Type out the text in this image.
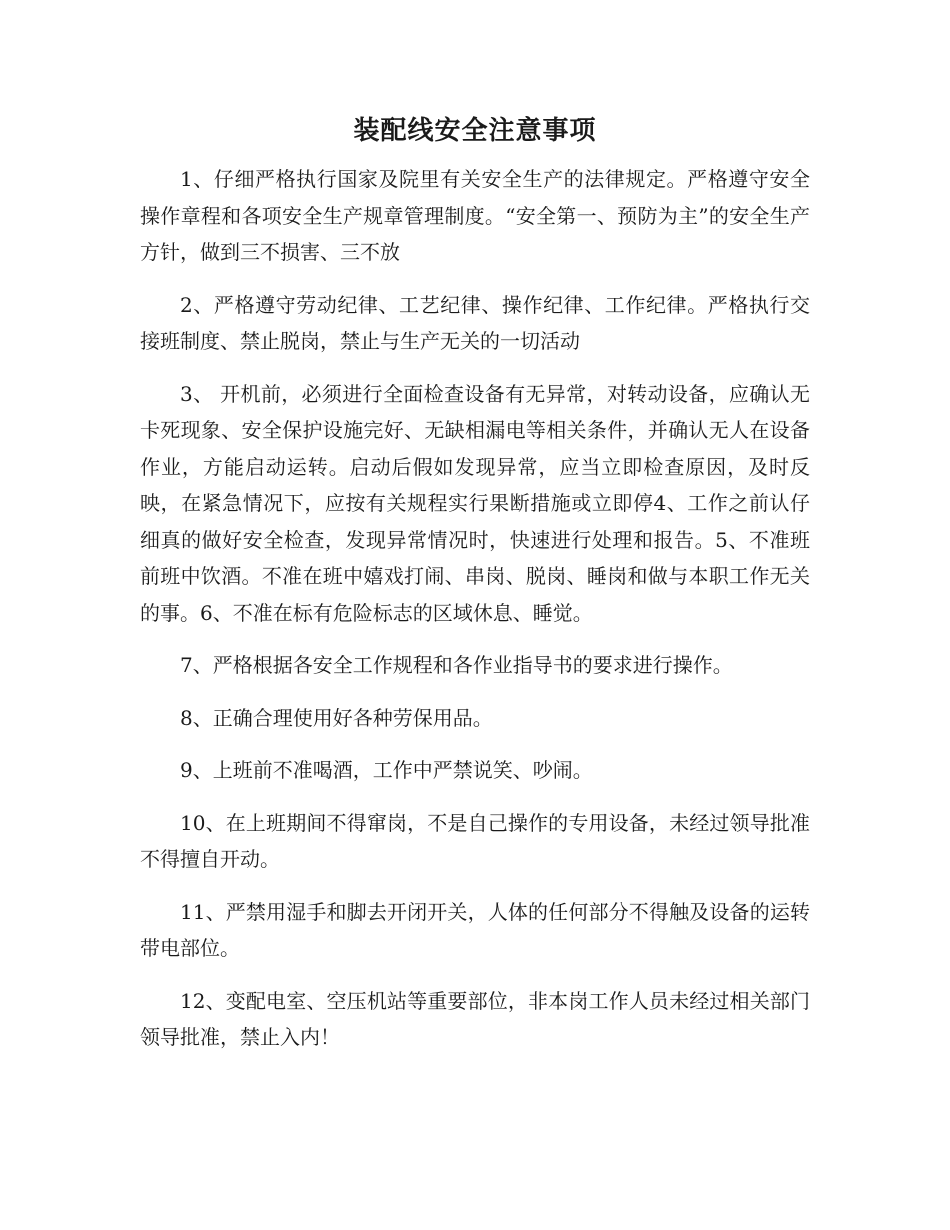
装配线安全注意事项

1、仔细严格执行国家及院里有关安全生产的法律规定。严格遵守安全操作章程和各项安全生产规章管理制度。“安全第一、预防为主”的安全生产方针，做到三不损害、三不放

2、严格遵守劳动纪律、工艺纪律、操作纪律、工作纪律。严格执行交接班制度、禁止脱岗，禁止与生产无关的一切活动

3、 开机前，必须进行全面检查设备有无异常，对转动设备，应确认无卡死现象、安全保护设施完好、无缺相漏电等相关条件，并确认无人在设备作业，方能启动运转。启动后假如发现异常，应当立即检查原因，及时反映，在紧急情况下，应按有关规程实行果断措施或立即停4、工作之前认仔细真的做好安全检查，发现异常情况时，快速进行处理和报告。5、不准班前班中饮酒。不准在班中嬉戏打闹、串岗、脱岗、睡岗和做与本职工作无关的事。6、不准在标有危险标志的区域休息、睡觉。

7、严格根据各安全工作规程和各作业指导书的要求进行操作。

8、正确合理使用好各种劳保用品。

9、上班前不准喝酒，工作中严禁说笑、吵闹。

10、在上班期间不得窜岗，不是自己操作的专用设备，未经过领导批准不得擅自开动。

11、严禁用湿手和脚去开闭开关，人体的任何部分不得触及设备的运转带电部位。

12、变配电室、空压机站等重要部位，非本岗工作人员未经过相关部门领导批准，禁止入内！
